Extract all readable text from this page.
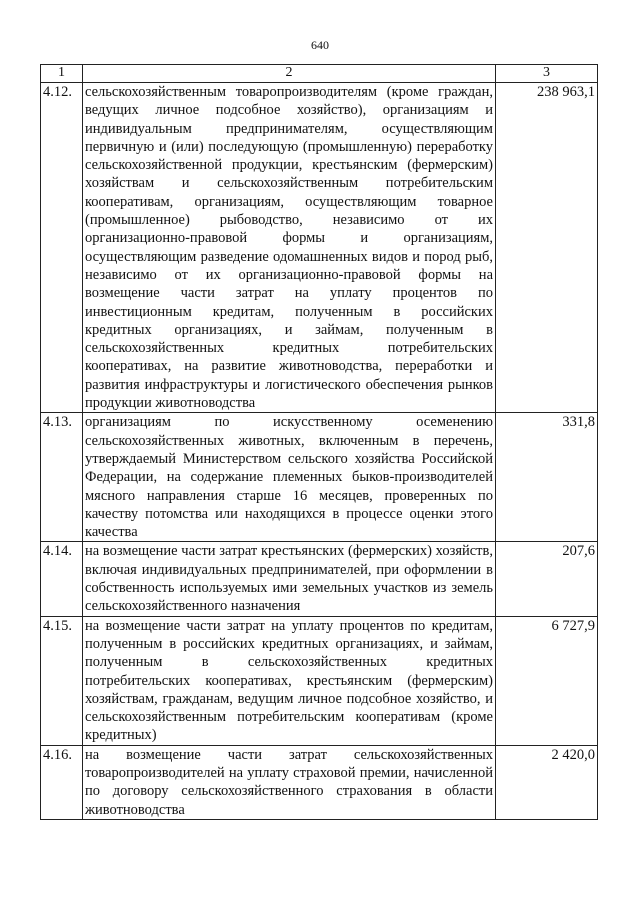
640
1	2	3
4.12.	сельскохозяйственным товаропроизводителям (кроме граждан, ведущих личное подсобное хозяйство), организациям и индивидуальным предпринимателям, осуществляющим первичную и (или) последующую (промышленную) переработку сельскохозяйственной продукции, крестьянским (фермерским) хозяйствам и сельскохозяйственным потребительским кооперативам, организациям, осуществляющим товарное (промышленное) рыбоводство, независимо от их организационно-правовой формы и организациям, осуществляющим разведение одомашненных видов и пород рыб, независимо от их организационно-правовой формы на возмещение части затрат на уплату процентов по инвестиционным кредитам, полученным в российских кредитных организациях, и займам, полученным в сельскохозяйственных кредитных потребительских кооперативах, на развитие животноводства, переработки и развития инфраструктуры и логистического обеспечения рынков продукции животноводства	238 963,1
4.13.	организациям по искусственному осеменению сельскохозяйственных животных, включенным в перечень, утверждаемый Министерством сельского хозяйства Российской Федерации, на содержание племенных быков-производителей мясного направления старше 16 месяцев, проверенных по качеству потомства или находящихся в процессе оценки этого качества	331,8
4.14.	на возмещение части затрат крестьянских (фермерских) хозяйств, включая индивидуальных предпринимателей, при оформлении в собственность используемых ими земельных участков из земель сельскохозяйственного назначения	207,6
4.15.	на возмещение части затрат на уплату процентов по кредитам, полученным в российских кредитных организациях, и займам, полученным в сельскохозяйственных кредитных потребительских кооперативах, крестьянским (фермерским) хозяйствам, гражданам, ведущим личное подсобное хозяйство, и сельскохозяйственным потребительским кооперативам (кроме кредитных)	6 727,9
4.16.	на возмещение части затрат сельскохозяйственных товаропроизводителей на уплату страховой премии, начисленной по договору сельскохозяйственного страхования в области животноводства	2 420,0
